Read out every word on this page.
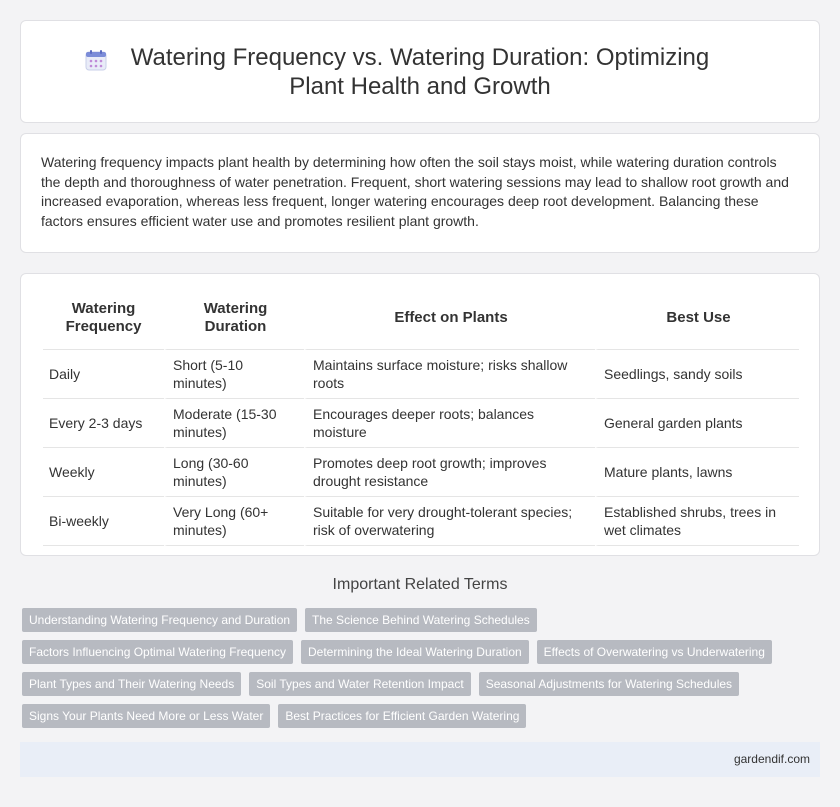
Watering Frequency vs. Watering Duration: Optimizing Plant Health and Growth

Watering frequency impacts plant health by determining how often the soil stays moist, while watering duration controls the depth and thoroughness of water penetration. Frequent, short watering sessions may lead to shallow root growth and increased evaporation, whereas less frequent, longer watering encourages deep root development. Balancing these factors ensures efficient water use and promotes resilient plant growth.

Watering Frequency	Watering Duration	Effect on Plants	Best Use
Daily	Short (5-10 minutes)	Maintains surface moisture; risks shallow roots	Seedlings, sandy soils
Every 2-3 days	Moderate (15-30 minutes)	Encourages deeper roots; balances moisture	General garden plants
Weekly	Long (30-60 minutes)	Promotes deep root growth; improves drought resistance	Mature plants, lawns
Bi-weekly	Very Long (60+ minutes)	Suitable for very drought-tolerant species; risk of overwatering	Established shrubs, trees in wet climates
Important Related Terms
Understanding Watering Frequency and Duration	The Science Behind Watering Schedules
Factors Influencing Optimal Watering Frequency	Determining the Ideal Watering Duration	Effects of Overwatering vs Underwatering
Plant Types and Their Watering Needs	Soil Types and Water Retention Impact	Seasonal Adjustments for Watering Schedules
Signs Your Plants Need More or Less Water	Best Practices for Efficient Garden Watering
gardendif.com
